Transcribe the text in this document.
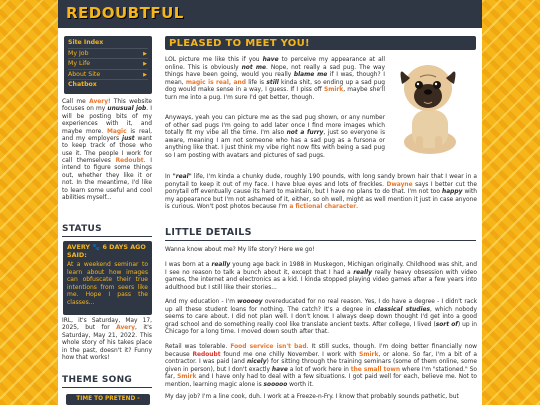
REDOUBTFUL
Site Index
My Job	▶
My Life	▶
About Site	▶
Chatbox
Call me Avery! This website focuses on my unusual job. I will be posting bits of my experiences with it, and maybe more. Magic is real, and my employers just want to keep track of those who use it. The people I work for call themselves Redoubt. I intend to figure some things out, whether they like it or not. In the meantime, I'd like to learn some useful and cool abilities myself...
STATUS
AVERY 🐾 6 DAYS AGO SAID:
At a weekend seminar to learn about how images can obfuscate their true intentions from seers like me. Hope I pass the classes...
IRL, it's Saturday, May 17, 2025, but for Avery, it's Saturday, May 21, 2022. This whole story of his takes place in the past, doesn't it? Funny how that works!
THEME SONG
TIME TO PRETEND -
PLEASED TO MEET YOU!

LOL picture me like this if you have to perceive my appearance at all online. This is obviously not me. Nope, not really a sad pug. The way things have been going, would you really blame me if I was, though? I mean, magic is real, and life is still kinda shit, so ending up a sad pug dog would make sense in a way, I guess. If I piss off Smirk, maybe she'll turn me into a pug. I'm sure I'd get better, though.

Anyways, yeah you can picture me as the sad pug shown, or any number of other sad pugs I'm going to add later once I find more images which totally fit my vibe all the time. I'm also not a furry, just so everyone is aware, meaning I am not someone who has a sad pug as a fursona or anything like that. I just think my vibe right now fits with being a sad pug so I am posting with avatars and pictures of sad pugs.

In "real" life, I'm kinda a chunky dude, roughly 190 pounds, with long sandy brown hair that I wear in a ponytail to keep it out of my face. I have blue eyes and lots of freckles. Dwayne says I better cut the ponytail off eventually cause its hard to maintain, but I have no plans to do that. I'm not too happy with my appearance but I'm not ashamed of it, either, so oh well, might as well mention it just in case anyone is curious. Won't post photos because I'm a fictional character.

LITTLE DETAILS
Wanna know about me? My life story? Here we go!

I was born at a really young age back in 1988 in Muskegon, Michigan originally. Childhood was shit, and I see no reason to talk a bunch about it, except that I had a really really heavy obsession with video games, the internet and electronics as a kid. I kinda stopped playing video games after a few years into adulthood but I still like their stories...

And my education - I'm wooooy overeducated for no real reason. Yes, I do have a degree - I didn't rack up all these student loans for nothing. The catch? It's a degree in classical studies, which nobody seems to care about. I did not plan well. I don't know. I always deep down thought I'd get into a good grad school and do something really cool like translate ancient texts. After college, I lived (sort of) up in Chicago for a long time. I moved down south after that.

Retail was tolerable. Food service isn't bad. It still sucks, though. I'm doing better financially now because Redoubt found me one chilly November. I work with Smirk, or alone. So far, I'm a bit of a contractor. I was paid (and nicely) for sitting through the training seminars (some of them online, some given in person), but I don't exactly have a lot of work here in the small town where I'm "stationed." So far, Smirk and I have only had to deal with a few situations. I got paid well for each, believe me. Not to mention, learning magic alone is sooooo worth it.

My day job? I'm a line cook, duh. I work at a Freeze-n-Fry. I know that probably sounds pathetic, but
